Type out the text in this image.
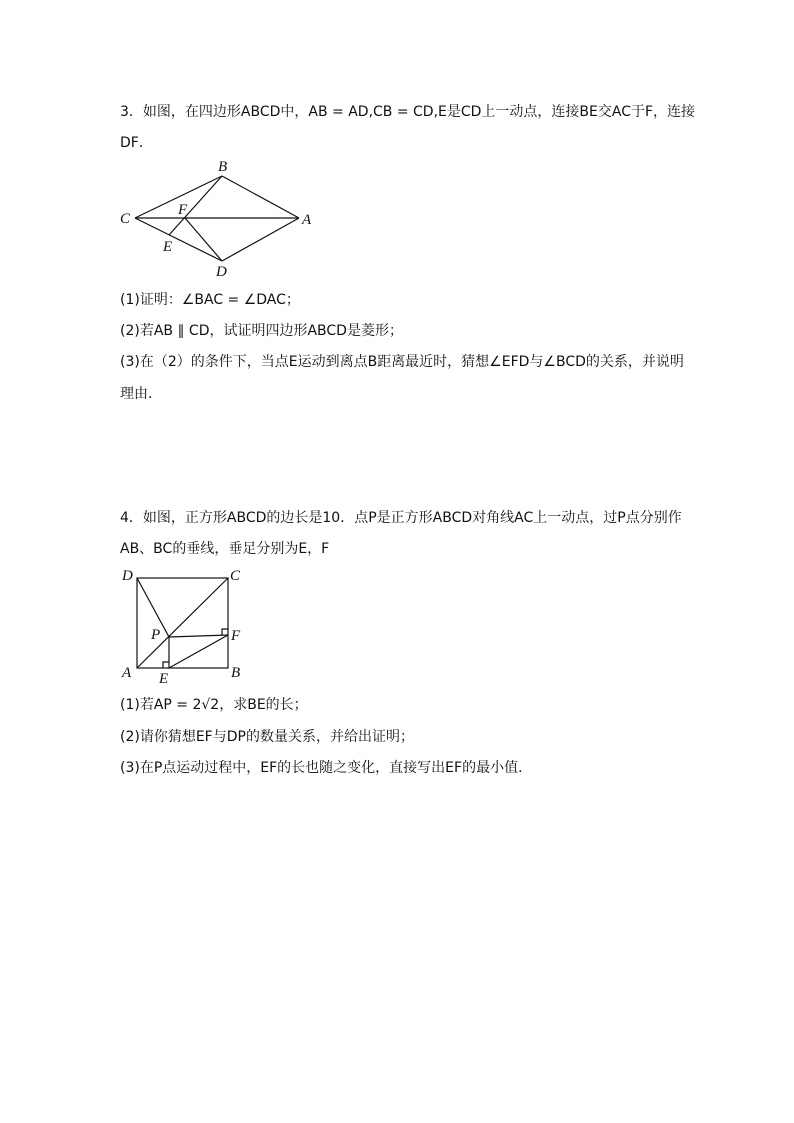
3．如图，在四边形ABCD中，AB = AD,CB = CD,E是CD上一动点，连接BE交AC于F，连接
DF．
B
C	A
F
E
D
(1)证明：∠BAC = ∠DAC；
(2)若AB ∥ CD，试证明四边形ABCD是菱形；
(3)在（2）的条件下，当点E运动到离点B距离最近时，猜想∠EFD与∠BCD的关系，并说明
理由．
4．如图，正方形ABCD的边长是10．点P是正方形ABCD对角线AC上一动点，过P点分别作
AB、BC的垂线，垂足分别为E，F
D	C
P	F
A E	B
(1)若AP = 2√2，求BE的长；
(2)请你猜想EF与DP的数量关系，并给出证明；
(3)在P点运动过程中，EF的长也随之变化，直接写出EF的最小值．
